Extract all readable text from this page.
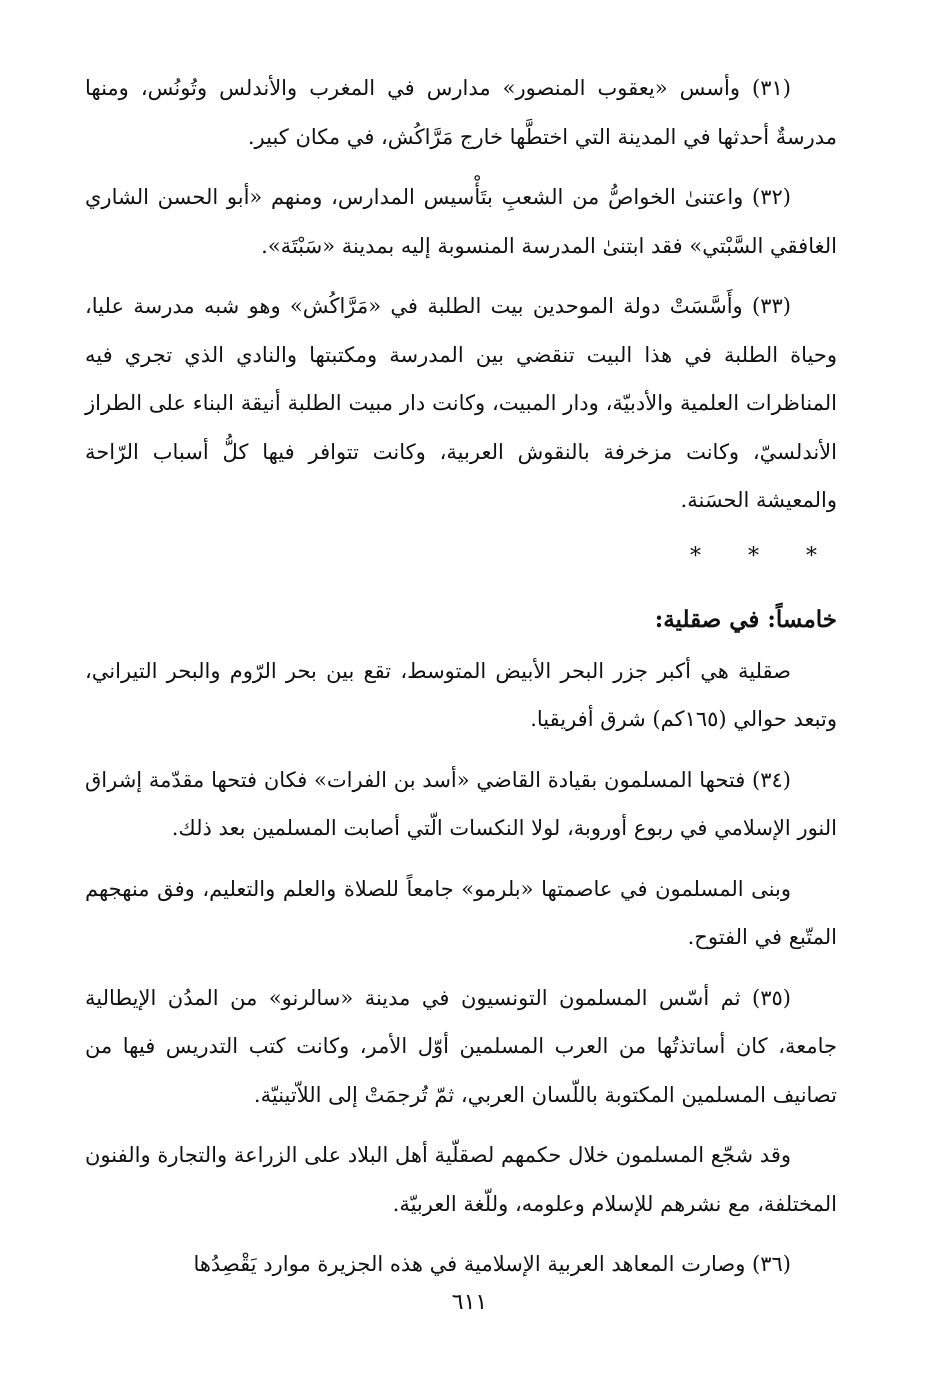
(٣١) وأسس «يعقوب المنصور» مدارس في المغرب والأندلس وتُونُس، ومنها مدرسةٌ أحدثها في المدينة التي اختطَّها خارج مَرَّاكُش، في مكان كبير.

(٣٢) واعتنىٰ الخواصُّ من الشعبِ بتَأْسيس المدارس، ومنهم «أبو الحسن الشاري الغافقي السَّبْتي» فقد ابتنىٰ المدرسة المنسوبة إليه بمدينة «سَبْتَة».

(٣٣) وأَسَّسَتْ دولة الموحدين بيت الطلبة في «مَرَّاكُش» وهو شبه مدرسة عليا، وحياة الطلبة في هذا البيت تنقضي بين المدرسة ومكتبتها والنادي الذي تجري فيه المناظرات العلمية والأدبيّة، ودار المبيت، وكانت دار مبيت الطلبة أنيقة البناء على الطراز الأندلسيّ، وكانت مزخرفة بالنقوش العربية، وكانت تتوافر فيها كلُّ أسباب الرّاحة والمعيشة الحسَنة.

* * *
خامساً: في صقلية:

صقلية هي أكبر جزر البحر الأبيض المتوسط، تقع بين بحر الرّوم والبحر التيراني، وتبعد حوالي (١٦٥كم) شرق أفريقيا.

(٣٤) فتحها المسلمون بقيادة القاضي «أسد بن الفرات» فكان فتحها مقدّمة إشراق النور الإسلامي في ربوع أوروبة، لولا النكسات الّتي أصابت المسلمين بعد ذلك.

وبنى المسلمون في عاصمتها «بلرمو» جامعاً للصلاة والعلم والتعليم، وفق منهجهم المتّبع في الفتوح.

(٣٥) ثم أسّس المسلمون التونسيون في مدينة «سالرنو» من المدُن الإيطالية جامعة، كان أساتذتُها من العرب المسلمين أوّل الأمر، وكانت كتب التدريس فيها من تصانيف المسلمين المكتوبة باللّسان العربي، ثمّ تُرجمَتْ إلى اللاّتينيّة.

وقد شجّع المسلمون خلال حكمهم لصقلّية أهل البلاد على الزراعة والتجارة والفنون المختلفة، مع نشرهم للإسلام وعلومه، وللّغة العربيّة.

(٣٦) وصارت المعاهد العربية الإسلامية في هذه الجزيرة موارد يَقْصِدُها

٦١١
